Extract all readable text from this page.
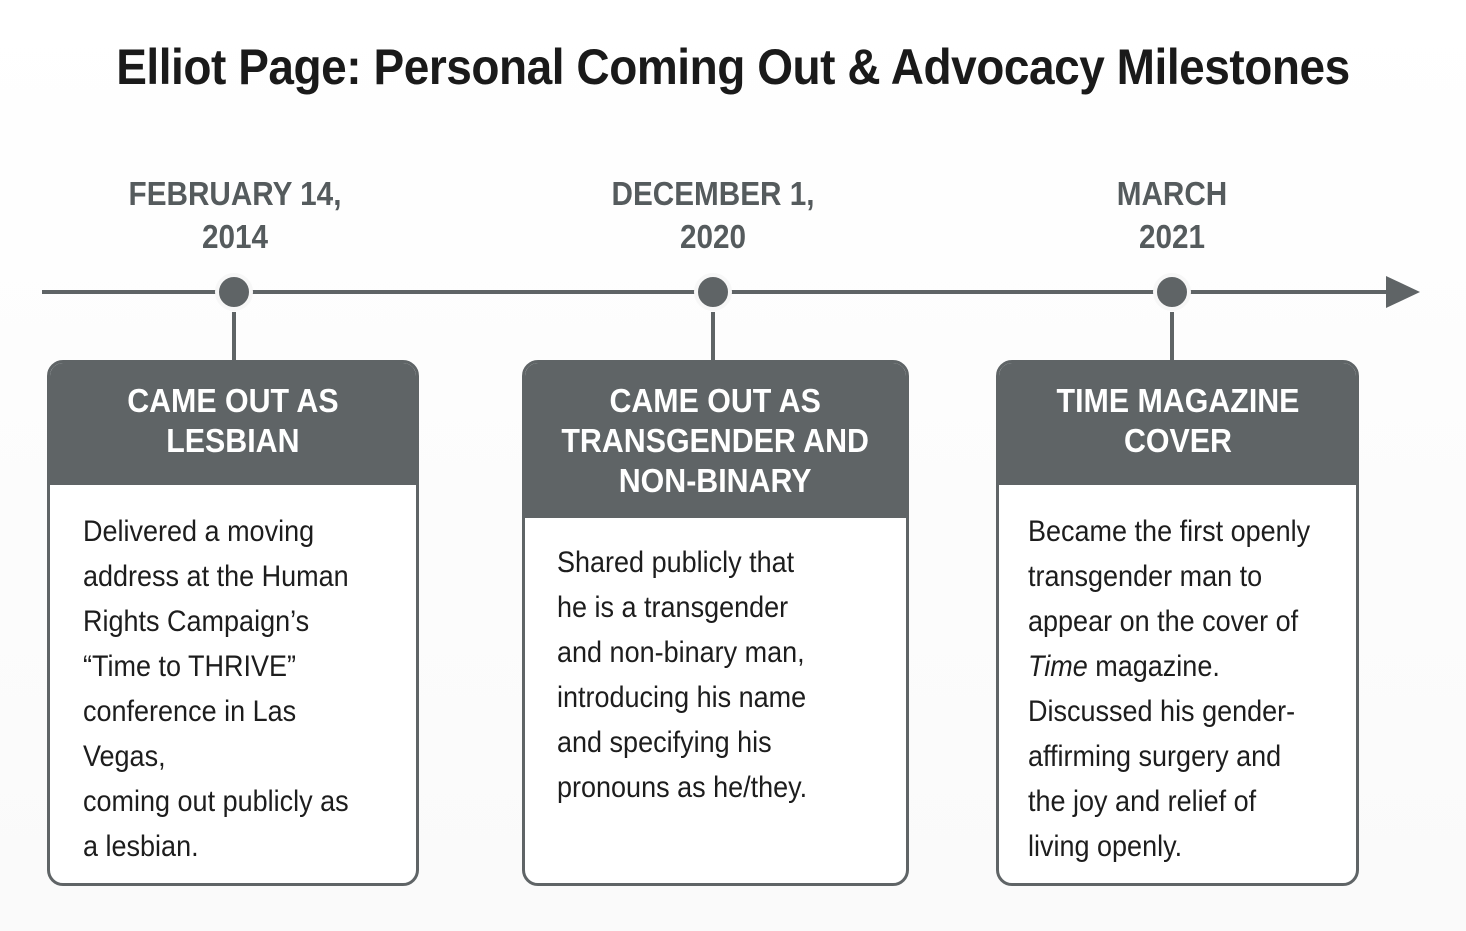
Elliot Page: Personal Coming Out & Advocacy Milestones
FEBRUARY 14,
2014
DECEMBER 1,
2020
MARCH
2021
CAME OUT AS
LESBIAN
Delivered a moving
address at the Human
Rights Campaign’s
“Time to THRIVE”
conference in Las Vegas,
coming out publicly as
a lesbian.
CAME OUT AS
TRANSGENDER AND
NON-BINARY
Shared publicly that
he is a transgender
and non-binary man,
introducing his name
and specifying his
pronouns as he/they.
TIME MAGAZINE
COVER
Became the first openly
transgender man to
appear on the cover of
Time magazine.
Discussed his gender-
affirming surgery and
the joy and relief of
living openly.
